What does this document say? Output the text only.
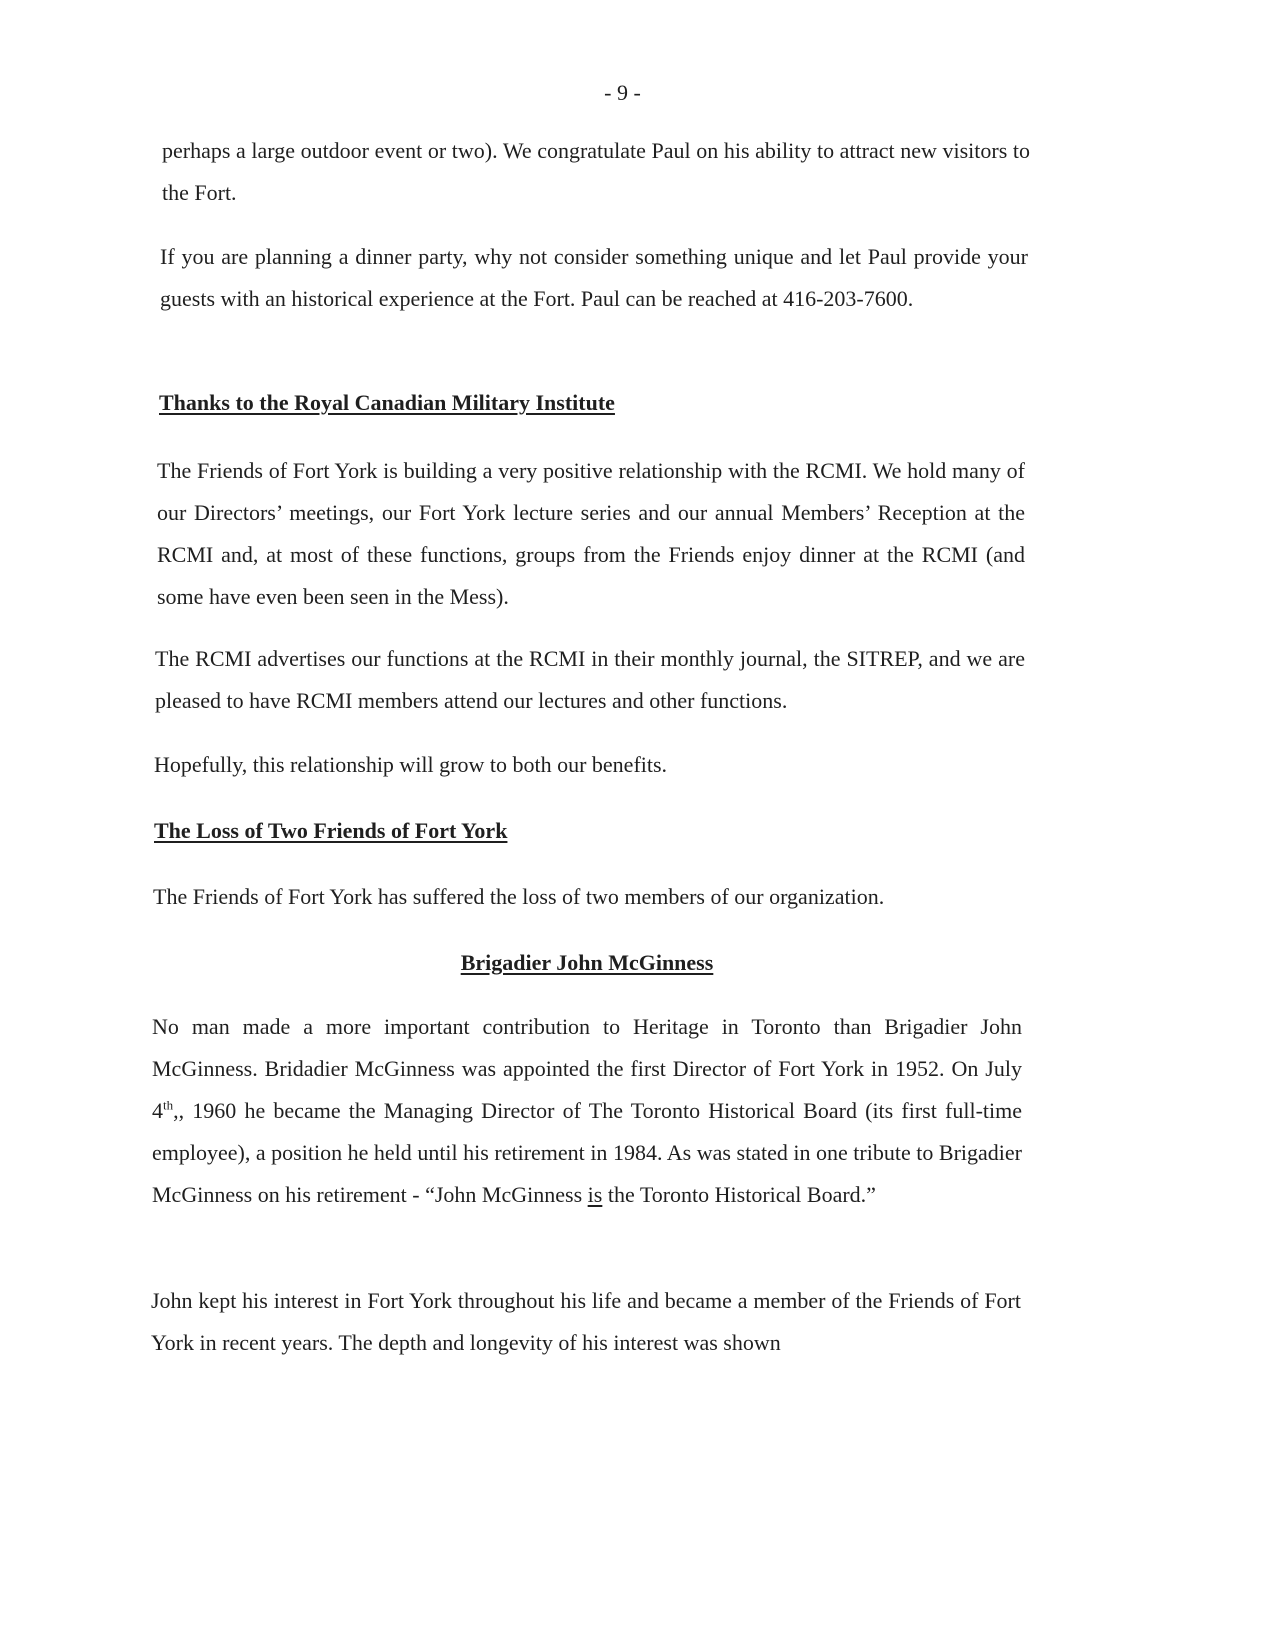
- 9 -

perhaps a large outdoor event or two). We congratulate Paul on his ability to attract new visitors to the Fort.

If you are planning a dinner party, why not consider something unique and let Paul provide your guests with an historical experience at the Fort. Paul can be reached at 416-203-7600.

Thanks to the Royal Canadian Military Institute

The Friends of Fort York is building a very positive relationship with the RCMI. We hold many of our Directors’ meetings, our Fort York lecture series and our annual Members’ Reception at the RCMI and, at most of these functions, groups from the Friends enjoy dinner at the RCMI (and some have even been seen in the Mess).

The RCMI advertises our functions at the RCMI in their monthly journal, the SITREP, and we are pleased to have RCMI members attend our lectures and other functions.

Hopefully, this relationship will grow to both our benefits.

The Loss of Two Friends of Fort York

The Friends of Fort York has suffered the loss of two members of our organization.

Brigadier John McGinness

No man made a more important contribution to Heritage in Toronto than Brigadier John McGinness. Bridadier McGinness was appointed the first Director of Fort York in 1952. On July 4th,, 1960 he became the Managing Director of The Toronto Historical Board (its first full-time employee), a position he held until his retirement in 1984. As was stated in one tribute to Brigadier McGinness on his retirement - “John McGinness is the Toronto Historical Board.”

John kept his interest in Fort York throughout his life and became a member of the Friends of Fort York in recent years. The depth and longevity of his interest was shown
